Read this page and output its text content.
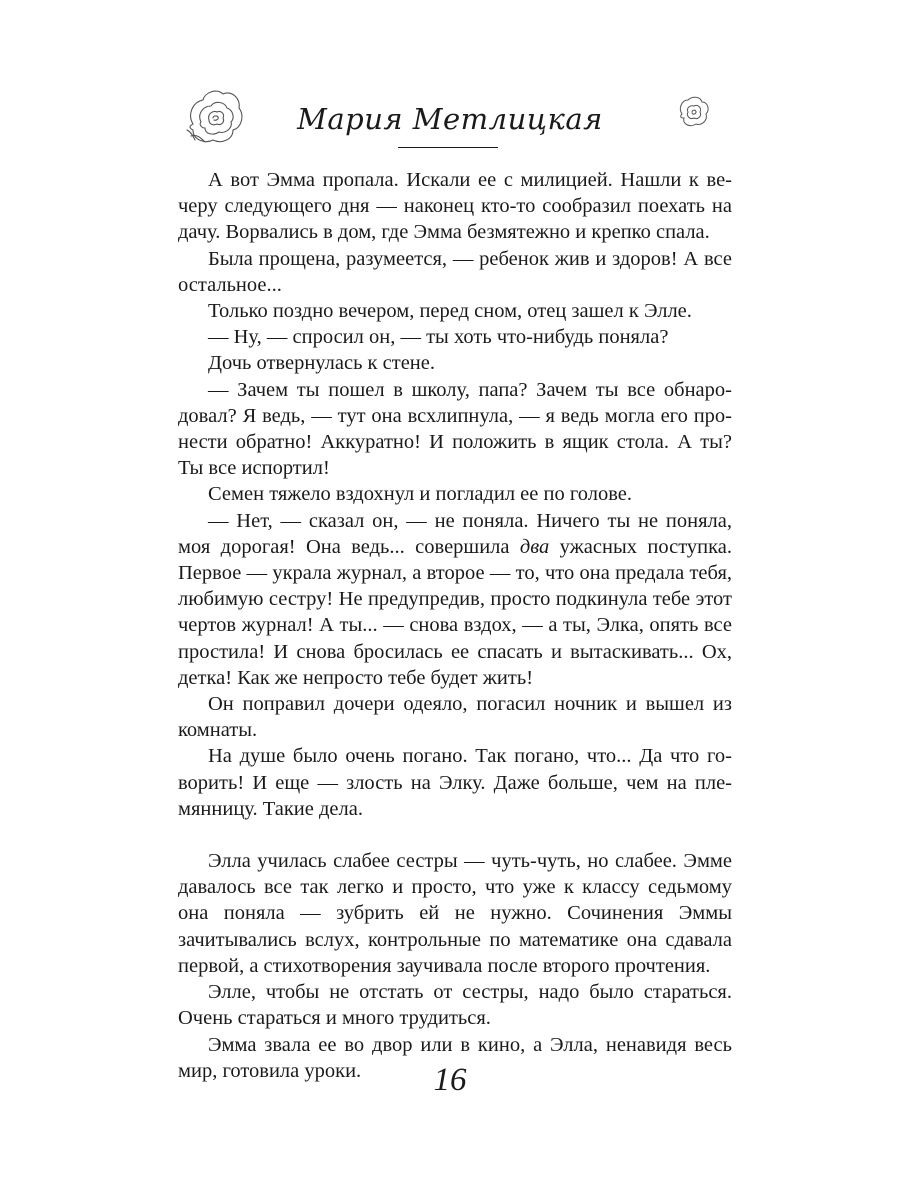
Мария Метлицкая

А вот Эмма пропала. Искали ее с милицией. Нашли к вечеру следующего дня — наконец кто-то сообразил поехать на дачу. Ворвались в дом, где Эмма безмятежно и крепко спала.

Была прощена, разумеется, — ребенок жив и здоров! А все остальное...

Только поздно вечером, перед сном, отец зашел к Элле.

— Ну, — спросил он, — ты хоть что-нибудь поняла?

Дочь отвернулась к стене.

— Зачем ты пошел в школу, папа? Зачем ты все обнародовал? Я ведь, — тут она всхлипнула, — я ведь могла его пронести обратно! Аккуратно! И положить в ящик стола. А ты? Ты все испортил!

Семен тяжело вздохнул и погладил ее по голове.

— Нет, — сказал он, — не поняла. Ничего ты не поняла, моя дорогая! Она ведь... совершила два ужасных поступка. Первое — украла журнал, а второе — то, что она предала тебя, любимую сестру! Не предупредив, просто подкинула тебе этот чертов журнал! А ты... — снова вздох, — а ты, Элка, опять все простила! И снова бросилась ее спасать и вытаскивать... Ох, детка! Как же непросто тебе будет жить!

Он поправил дочери одеяло, погасил ночник и вышел из комнаты.

На душе было очень погано. Так погано, что... Да что говорить! И еще — злость на Элку. Даже больше, чем на племянницу. Такие дела.

Элла училась слабее сестры — чуть-чуть, но слабее. Эмме давалось все так легко и просто, что уже к классу седьмому она поняла — зубрить ей не нужно. Сочинения Эммы зачитывались вслух, контрольные по математике она сдавала первой, а стихотворения заучивала после второго прочтения.

Элле, чтобы не отстать от сестры, надо было стараться. Очень стараться и много трудиться.

Эмма звала ее во двор или в кино, а Элла, ненавидя весь мир, готовила уроки.	16
